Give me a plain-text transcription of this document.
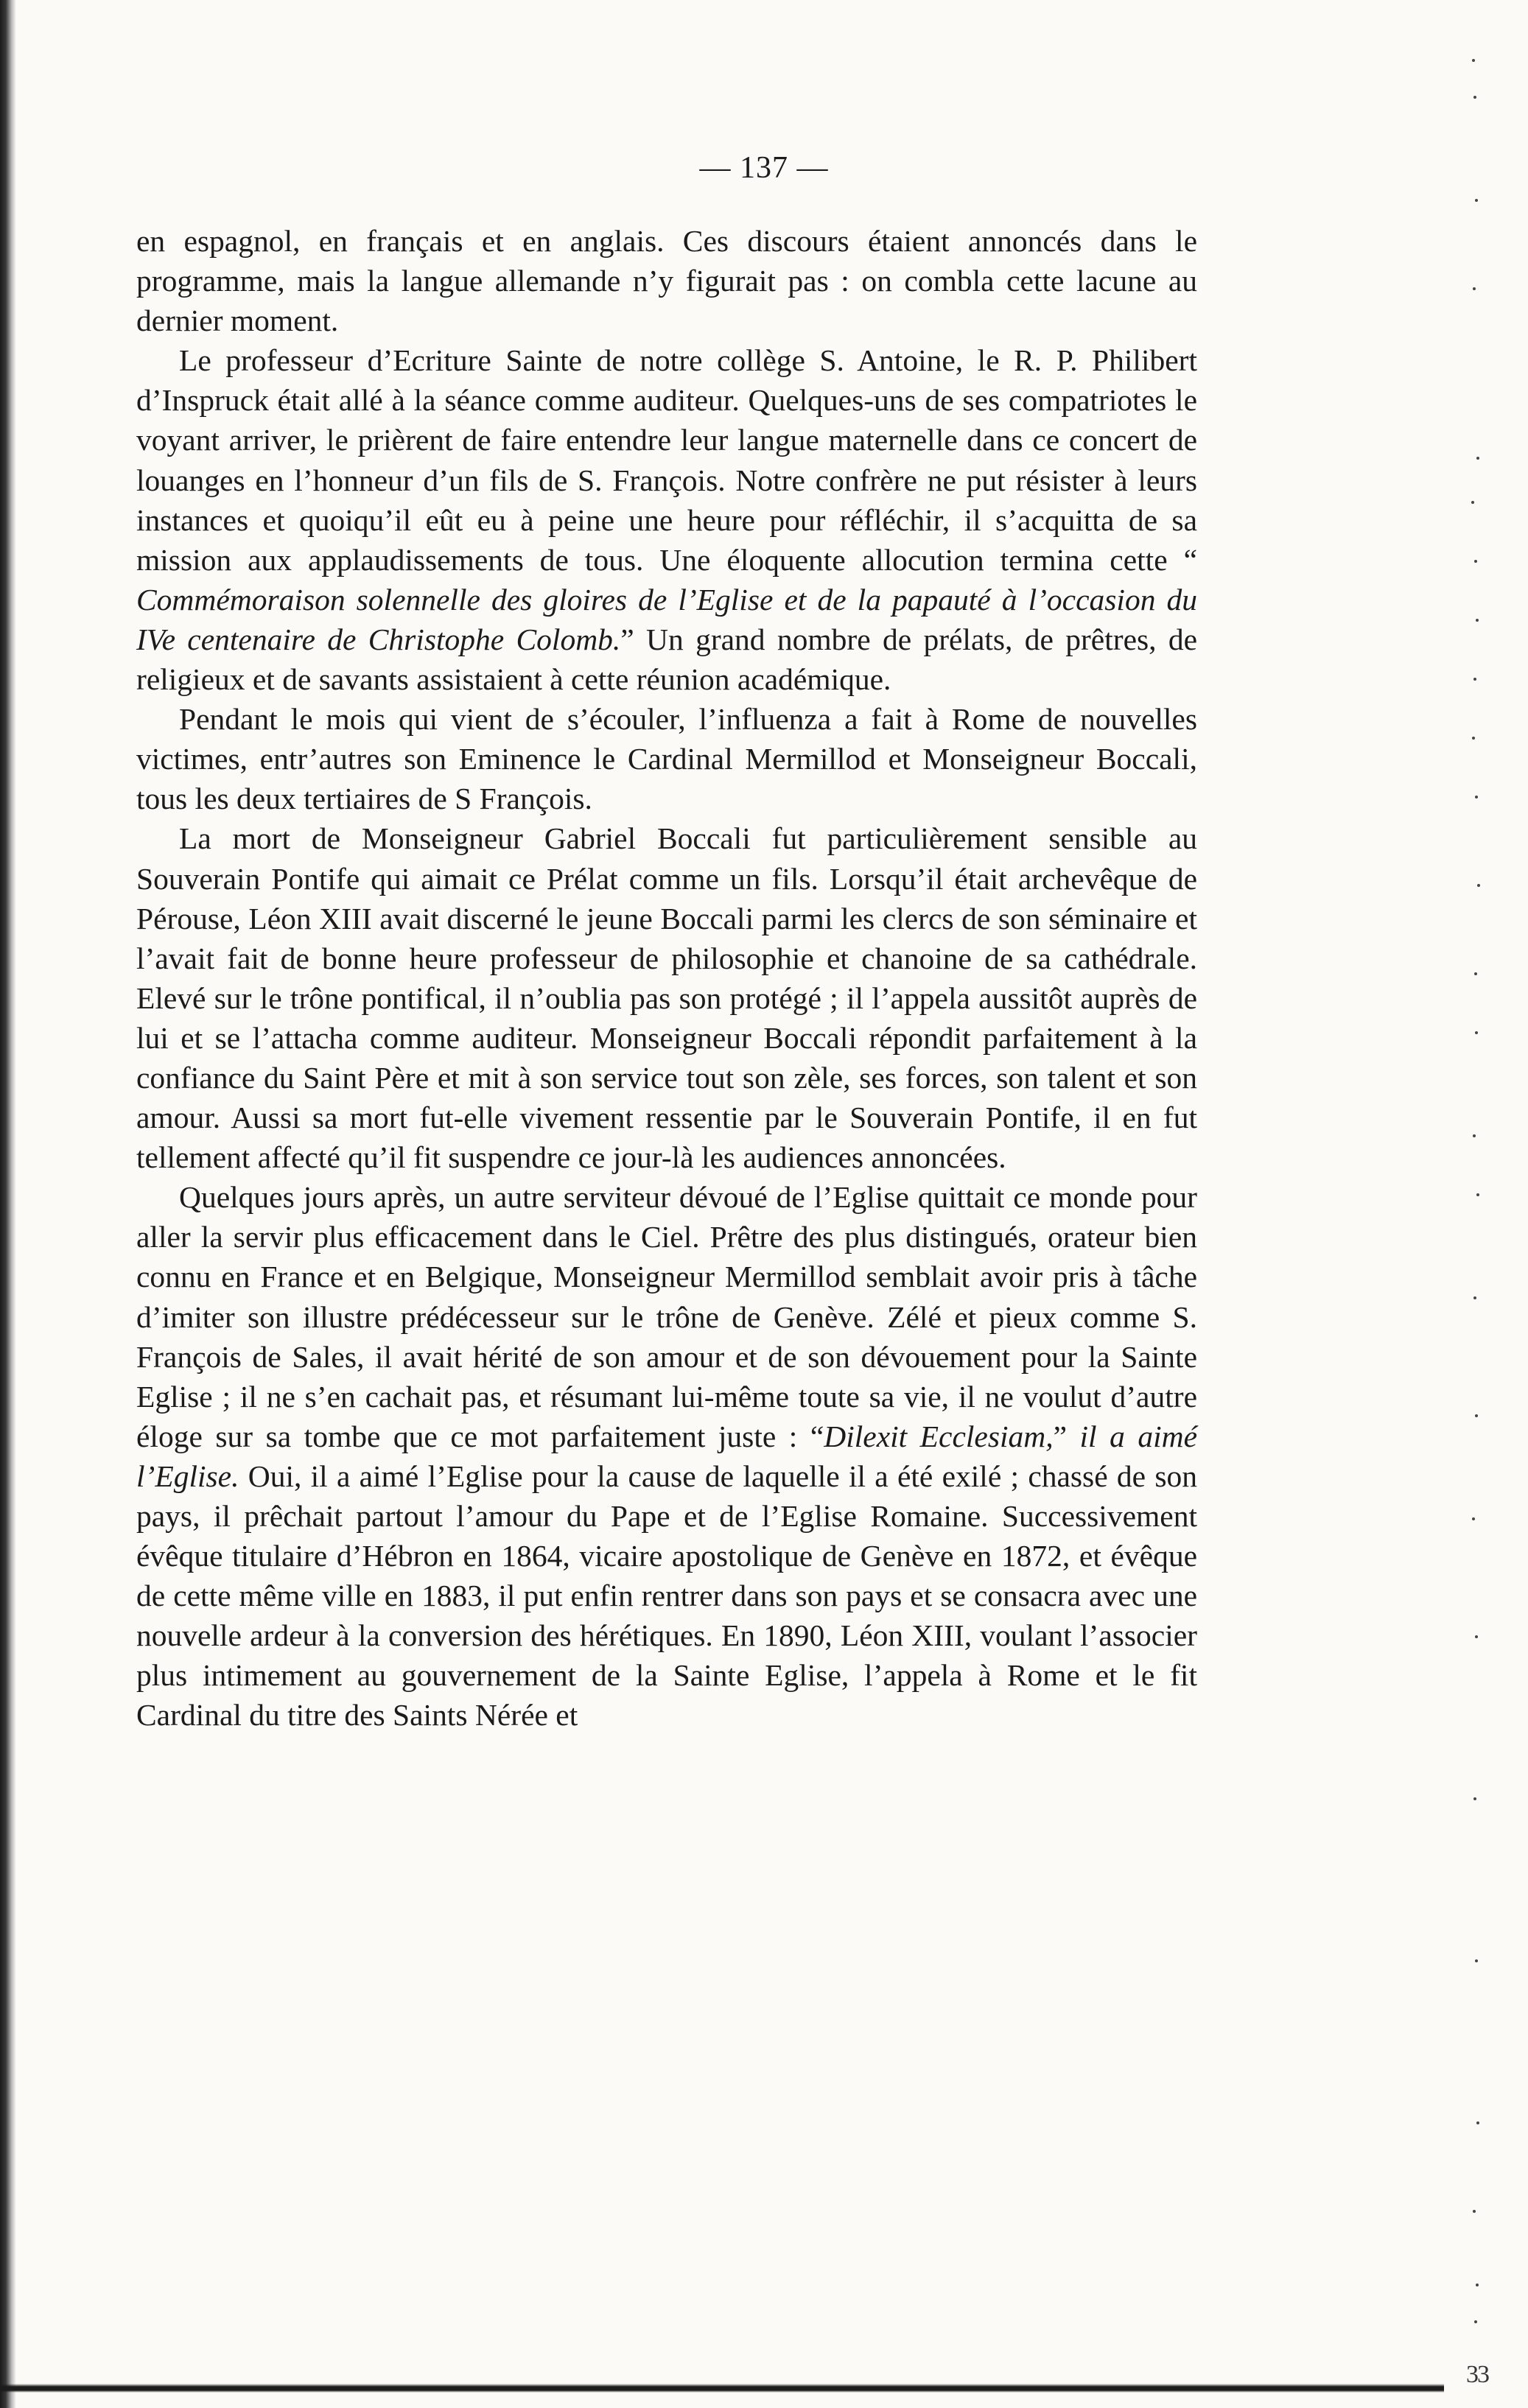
— 137 —

en espagnol, en français et en anglais. Ces discours étaient annoncés dans le programme, mais la langue allemande n’y figurait pas : on combla cette lacune au dernier moment.

Le professeur d’Ecriture Sainte de notre collège S. Antoine, le R. P. Philibert d’Inspruck était allé à la séance comme auditeur. Quelques-uns de ses compatriotes le voyant arriver, le prièrent de faire entendre leur langue maternelle dans ce concert de louanges en l’honneur d’un fils de S. François. Notre confrère ne put résister à leurs instances et quoiqu’il eût eu à peine une heure pour réfléchir, il s’acquitta de sa mission aux applaudissements de tous. Une éloquente allocution termina cette “ Commémoraison solennelle des gloires de l’Eglise et de la papauté à l’occasion du IVe centenaire de Christophe Colomb.” Un grand nombre de prélats, de prêtres, de religieux et de savants assistaient à cette réunion académique.

Pendant le mois qui vient de s’écouler, l’influenza a fait à Rome de nouvelles victimes, entr’autres son Eminence le Cardinal Mermillod et Monseigneur Boccali, tous les deux tertiaires de S François.

La mort de Monseigneur Gabriel Boccali fut particulièrement sensible au Souverain Pontife qui aimait ce Prélat comme un fils. Lorsqu’il était archevêque de Pérouse, Léon XIII avait discerné le jeune Boccali parmi les clercs de son séminaire et l’avait fait de bonne heure professeur de philosophie et chanoine de sa cathédrale. Elevé sur le trône pontifical, il n’oublia pas son protégé ; il l’appela aussitôt auprès de lui et se l’attacha comme auditeur. Monseigneur Boccali répondit parfaitement à la confiance du Saint Père et mit à son service tout son zèle, ses forces, son talent et son amour. Aussi sa mort fut-elle vivement ressentie par le Souverain Pontife, il en fut tellement affecté qu’il fit suspendre ce jour-là les audiences annoncées.

Quelques jours après, un autre serviteur dévoué de l’Eglise quittait ce monde pour aller la servir plus efficacement dans le Ciel. Prêtre des plus distingués, orateur bien connu en France et en Belgique, Monseigneur Mermillod semblait avoir pris à tâche d’imiter son illustre prédécesseur sur le trône de Genève. Zélé et pieux comme S. François de Sales, il avait hérité de son amour et de son dévouement pour la Sainte Eglise ; il ne s’en cachait pas, et résumant lui-même toute sa vie, il ne voulut d’autre éloge sur sa tombe que ce mot parfaitement juste : “Dilexit Ecclesiam,” il a aimé l’Eglise. Oui, il a aimé l’Eglise pour la cause de laquelle il a été exilé ; chassé de son pays, il prêchait partout l’amour du Pape et de l’Eglise Romaine. Successivement évêque titulaire d’Hébron en 1864, vicaire apostolique de Genève en 1872, et évêque de cette même ville en 1883, il put enfin rentrer dans son pays et se consacra avec une nouvelle ardeur à la conversion des hérétiques. En 1890, Léon XIII, voulant l’associer plus intimement au gouvernement de la Sainte Eglise, l’appela à Rome et le fit Cardinal du titre des Saints Nérée et

33
